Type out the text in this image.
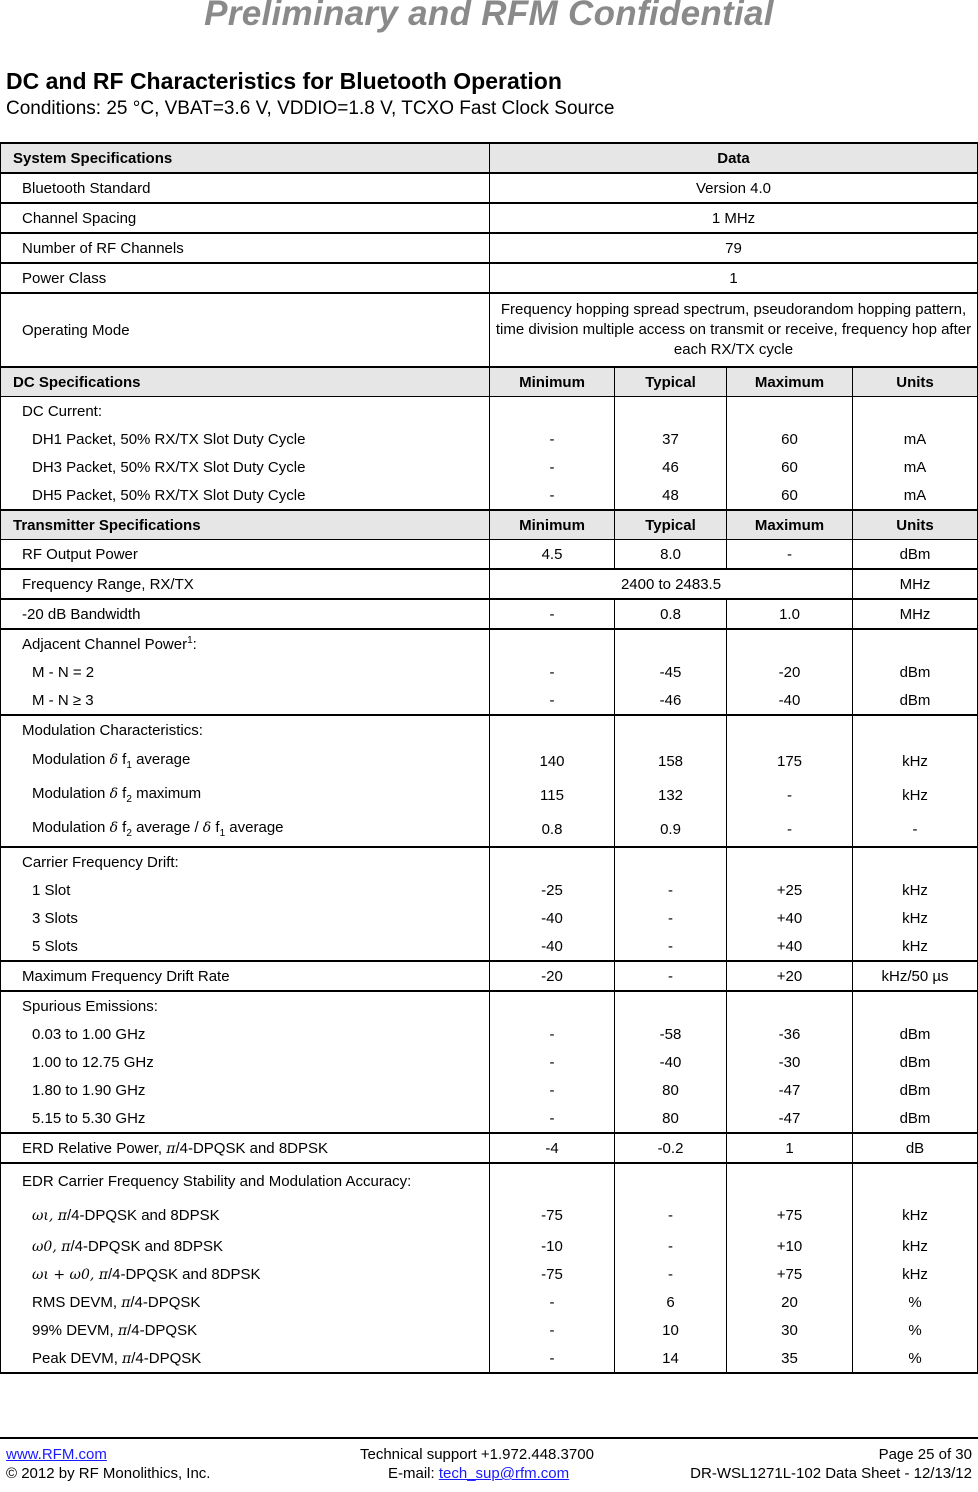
Preliminary and RFM Confidential
DC and RF Characteristics for Bluetooth Operation
Conditions: 25 °C, VBAT=3.6 V, VDDIO=1.8 V, TCXO Fast Clock Source
System Specifications	Data			
Bluetooth Standard	Version 4.0			
Channel Spacing	1 MHz			
Number of RF Channels	79			
Power Class	1			
Operating Mode	Frequency hopping spread spectrum, pseudorandom hopping pattern, time division multiple access on transmit or receive, frequency hop after each RX/TX cycle			
DC Specifications	Minimum	Typical	Maximum	Units
DC Current:				
DH1 Packet, 50% RX/TX Slot Duty Cycle	-	37	60	mA
DH3 Packet, 50% RX/TX Slot Duty Cycle	-	46	60	mA
DH5 Packet, 50% RX/TX Slot Duty Cycle	-	48	60	mA
Transmitter Specifications	Minimum	Typical	Maximum	Units
RF Output Power	4.5	8.0	-	dBm
Frequency Range, RX/TX	2400 to 2483.5			MHz
-20 dB Bandwidth	-	0.8	1.0	MHz
Adjacent Channel Power$^1$:				
M - N = 2	-	-45	-20	dBm
M - N ≥ 3	-	-46	-40	dBm
Modulation Characteristics:				
Modulation δ $f_1$ average	140	158	175	kHz
Modulation δ $f_2$ maximum	115	132	-	kHz
Modulation δ $f_2$ average / δ $f_1$ average	0.8	0.9	-	-
Carrier Frequency Drift:				
1 Slot	-25	-	+25	kHz
3 Slots	-40	-	+40	kHz
5 Slots	-40	-	+40	kHz
Maximum Frequency Drift Rate	-20	-	+20	kHz/50 µs
Spurious Emissions:				
0.03 to 1.00 GHz	-	-58	-36	dBm
1.00 to 12.75 GHz	-	-40	-30	dBm
1.80 to 1.90 GHz	-	80	-47	dBm
5.15 to 5.30 GHz	-	80	-47	dBm
ERD Relative Power, π/4-DPQSK and 8DPSK	-4	-0.2	1	dB
EDR Carrier Frequency Stability and Modulation Accuracy:				
ωι, π/4-DPQSK and 8DPSK	-75	-	+75	kHz
ω0, π/4-DPQSK and 8DPSK	-10	-	+10	kHz
ωι + ω0, π/4-DPQSK and 8DPSK	-75	-	+75	kHz
RMS DEVM, π/4-DPQSK	-	6	20	%
99% DEVM, π/4-DPQSK	-	10	30	%
Peak DEVM, π/4-DPQSK	-	14	35	%
www.RFM.com
© 2012 by RF Monolithics, Inc.
Technical support +1.972.448.3700
E-mail: tech_sup@rfm.com
Page 25 of 30
DR-WSL1271L-102 Data Sheet - 12/13/12
